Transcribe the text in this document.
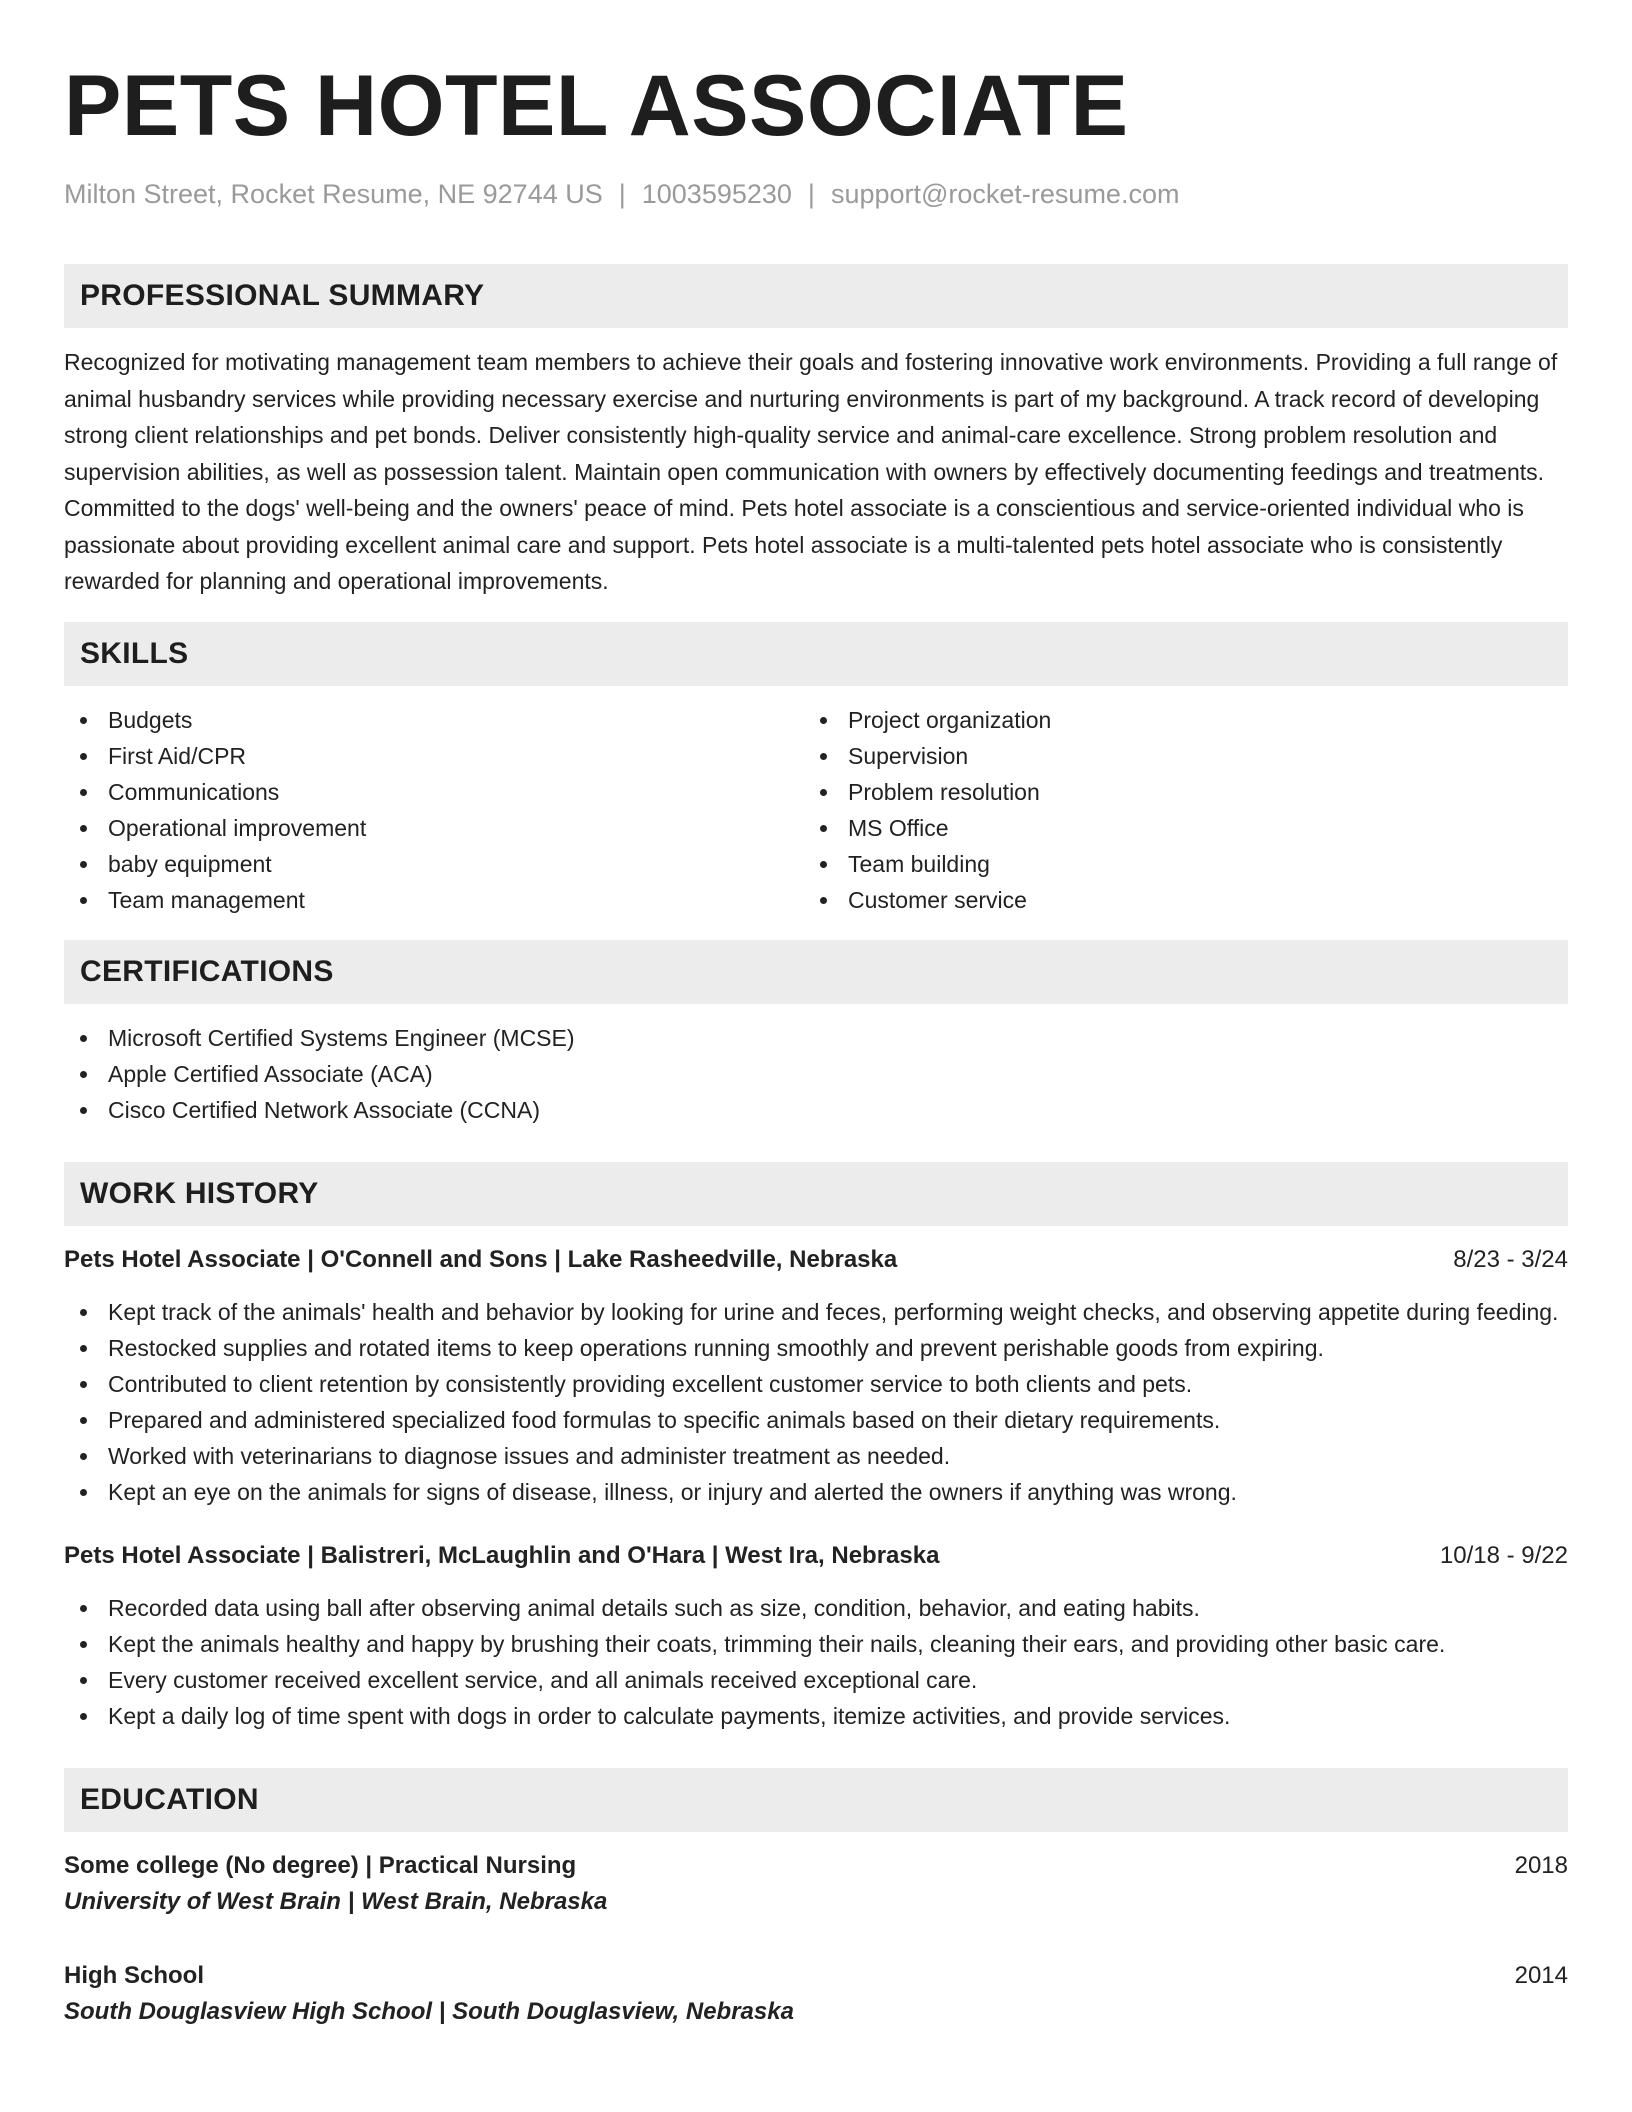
PETS HOTEL ASSOCIATE
Milton Street, Rocket Resume, NE 92744 US | 1003595230 | support@rocket-resume.com
PROFESSIONAL SUMMARY
Recognized for motivating management team members to achieve their goals and fostering innovative work environments. Providing a full range of animal husbandry services while providing necessary exercise and nurturing environments is part of my background. A track record of developing strong client relationships and pet bonds. Deliver consistently high-quality service and animal-care excellence. Strong problem resolution and supervision abilities, as well as possession talent. Maintain open communication with owners by effectively documenting feedings and treatments. Committed to the dogs' well-being and the owners' peace of mind. Pets hotel associate is a conscientious and service-oriented individual who is passionate about providing excellent animal care and support. Pets hotel associate is a multi-talented pets hotel associate who is consistently rewarded for planning and operational improvements.
SKILLS
Budgets
First Aid/CPR
Communications
Operational improvement
baby equipment
Team management
Project organization
Supervision
Problem resolution
MS Office
Team building
Customer service
CERTIFICATIONS
Microsoft Certified Systems Engineer (MCSE)
Apple Certified Associate (ACA)
Cisco Certified Network Associate (CCNA)
WORK HISTORY
Pets Hotel Associate | O'Connell and Sons | Lake Rasheedville, Nebraska	8/23 - 3/24
Kept track of the animals' health and behavior by looking for urine and feces, performing weight checks, and observing appetite during feeding.
Restocked supplies and rotated items to keep operations running smoothly and prevent perishable goods from expiring.
Contributed to client retention by consistently providing excellent customer service to both clients and pets.
Prepared and administered specialized food formulas to specific animals based on their dietary requirements.
Worked with veterinarians to diagnose issues and administer treatment as needed.
Kept an eye on the animals for signs of disease, illness, or injury and alerted the owners if anything was wrong.
Pets Hotel Associate | Balistreri, McLaughlin and O'Hara | West Ira, Nebraska	10/18 - 9/22
Recorded data using ball after observing animal details such as size, condition, behavior, and eating habits.
Kept the animals healthy and happy by brushing their coats, trimming their nails, cleaning their ears, and providing other basic care.
Every customer received excellent service, and all animals received exceptional care.
Kept a daily log of time spent with dogs in order to calculate payments, itemize activities, and provide services.
EDUCATION
Some college (No degree) | Practical Nursing	2018
University of West Brain | West Brain, Nebraska
High School	2014
South Douglasview High School | South Douglasview, Nebraska
